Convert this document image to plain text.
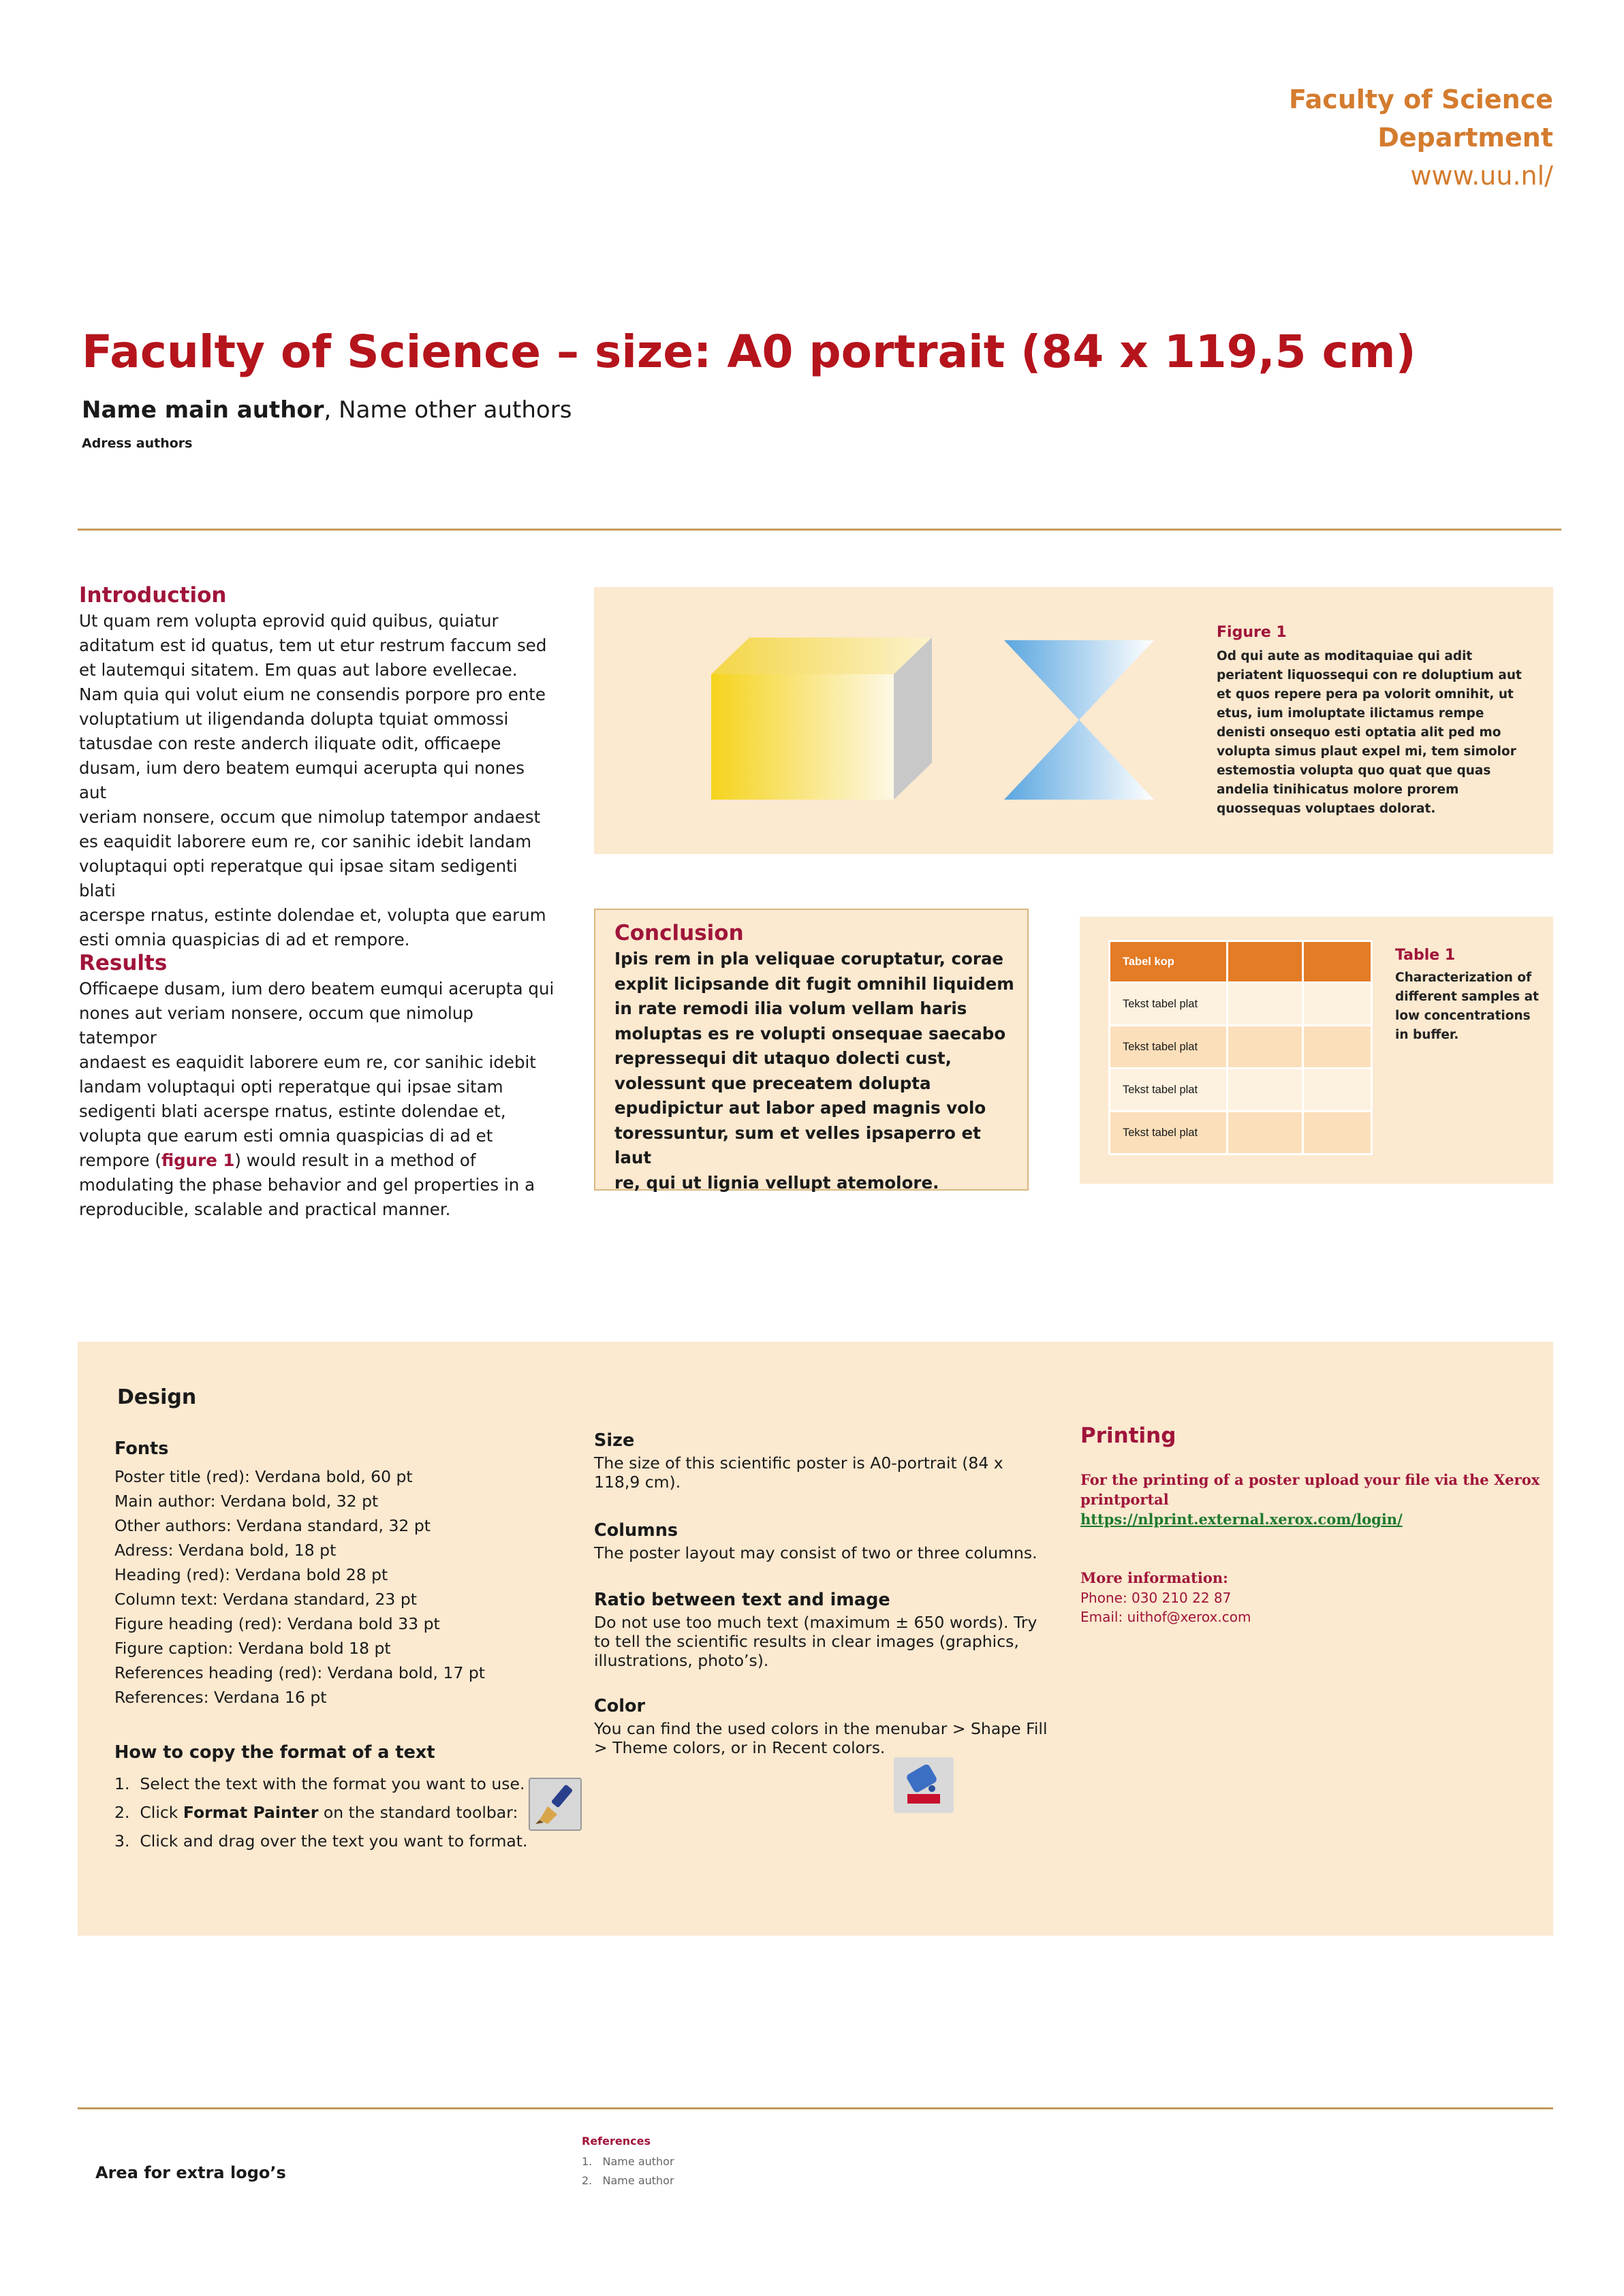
Faculty of Science
Department
www.uu.nl/
Faculty of Science – size: A0 portrait (84 x 119,5 cm)
Name main author, Name other authors
Adress authors
Introduction
Ut quam rem volupta eprovid quid quibus, quiatur
aditatum est id quatus, tem ut etur restrum faccum sed
et lautemqui sitatem. Em quas aut labore evellecae.
Nam quia qui volut eium ne consendis porpore pro ente
voluptatium ut iligendanda dolupta tquiat ommossi
tatusdae con reste anderch iliquate odit, officaepe
dusam, ium dero beatem eumqui acerupta qui nones aut
veriam nonsere, occum que nimolup tatempor andaest
es eaquidit laborere eum re, cor sanihic idebit landam
voluptaqui opti reperatque qui ipsae sitam sedigenti blati
acerspe rnatus, estinte dolendae et, volupta que earum
esti omnia quaspicias di ad et rempore.
Results
Officaepe dusam, ium dero beatem eumqui acerupta qui
nones aut veriam nonsere, occum que nimolup tatempor
andaest es eaquidit laborere eum re, cor sanihic idebit
landam voluptaqui opti reperatque qui ipsae sitam
sedigenti blati acerspe rnatus, estinte dolendae et,
volupta que earum esti omnia quaspicias di ad et
rempore (figure 1) would result in a method of
modulating the phase behavior and gel properties in a
reproducible, scalable and practical manner.
Figure 1
Od qui aute as moditaquiae qui adit
periatent liquossequi con re doluptium aut
et quos repere pera pa volorit omnihit, ut
etus, ium imoluptate ilictamus rempe
denisti onsequo esti optatia alit ped mo
volupta simus plaut expel mi, tem simolor
estemostia volupta quo quat que quas
andelia tinihicatus molore prorem
quossequas voluptaes dolorat.
Conclusion
Ipis rem in pla veliquae coruptatur, corae
explit licipsande dit fugit omnihil liquidem
in rate remodi ilia volum vellam haris
moluptas es re volupti onsequae saecabo
repressequi dit utaquo dolecti cust,
volessunt que preceatem dolupta
epudipictur aut labor aped magnis volo
toressuntur, sum et velles ipsaperro et laut
re, qui ut lignia vellupt atemolore.
Tabel kop		
Tekst tabel plat		
Tekst tabel plat		
Tekst tabel plat		
Tekst tabel plat		
Table 1
Characterization of
different samples at
low concentrations
in buffer.
Design
Fonts
Poster title (red): Verdana bold, 60 pt
Main author: Verdana bold, 32 pt
Other authors: Verdana standard, 32 pt
Adress: Verdana bold, 18 pt
Heading (red): Verdana bold 28 pt
Column text: Verdana standard, 23 pt
Figure heading (red): Verdana bold 33 pt
Figure caption: Verdana bold 18 pt
References heading (red): Verdana bold, 17 pt
References: Verdana 16 pt
How to copy the format of a text
1.  Select the text with the format you want to use.
2.  Click Format Painter on the standard toolbar:
3.  Click and drag over the text you want to format.
Size
The size of this scientific poster is A0-portrait (84 x
118,9 cm).
Columns
The poster layout may consist of two or three columns.
Ratio between text and image
Do not use too much text (maximum ± 650 words). Try
to tell the scientific results in clear images (graphics,
illustrations, photo’s).
Color
You can find the used colors in the menubar > Shape Fill
> Theme colors, or in Recent colors.
Printing
For the printing of a poster upload your file via the Xerox
printportal
https://nlprint.external.xerox.com/login/
More information:
Phone: 030 210 22 87
Email: uithof@xerox.com
Area for extra logo’s
References
1.   Name author
2.   Name author
